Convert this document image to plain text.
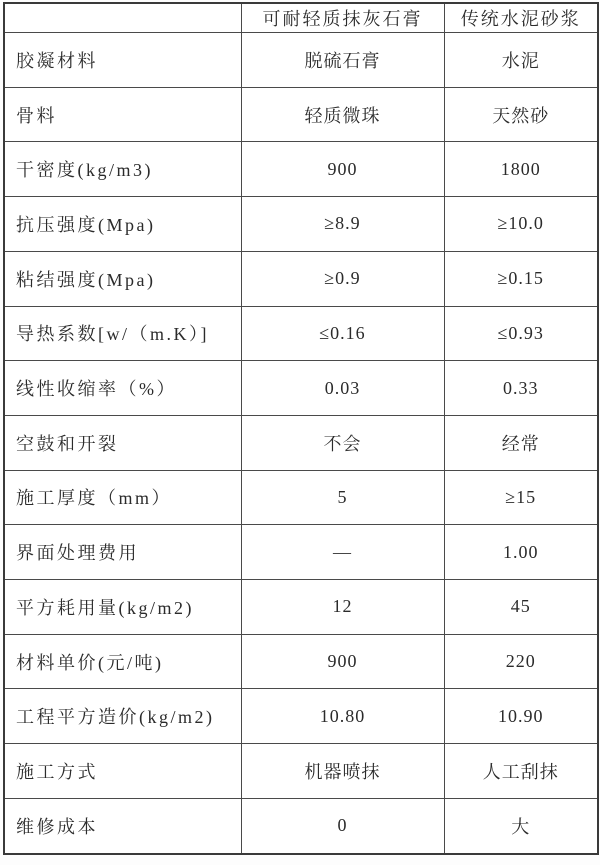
	可耐轻质抹灰石膏	传统水泥砂浆
胶凝材料	脱硫石膏	水泥
骨料	轻质微珠	天然砂
干密度(kg/m3)	900	1800
抗压强度(Mpa)	≥8.9	≥10.0
粘结强度(Mpa)	≥0.9	≥0.15
导热系数[w/（m.K）]	≤0.16	≤0.93
线性收缩率（%）	0.03	0.33
空鼓和开裂	不会	经常
施工厚度（mm）	5	≥15
界面处理费用	—	1.00
平方耗用量(kg/m2)	12	45
材料单价(元/吨)	900	220
工程平方造价(kg/m2)	10.80	10.90
施工方式	机器喷抹	人工刮抹
维修成本	0	大
